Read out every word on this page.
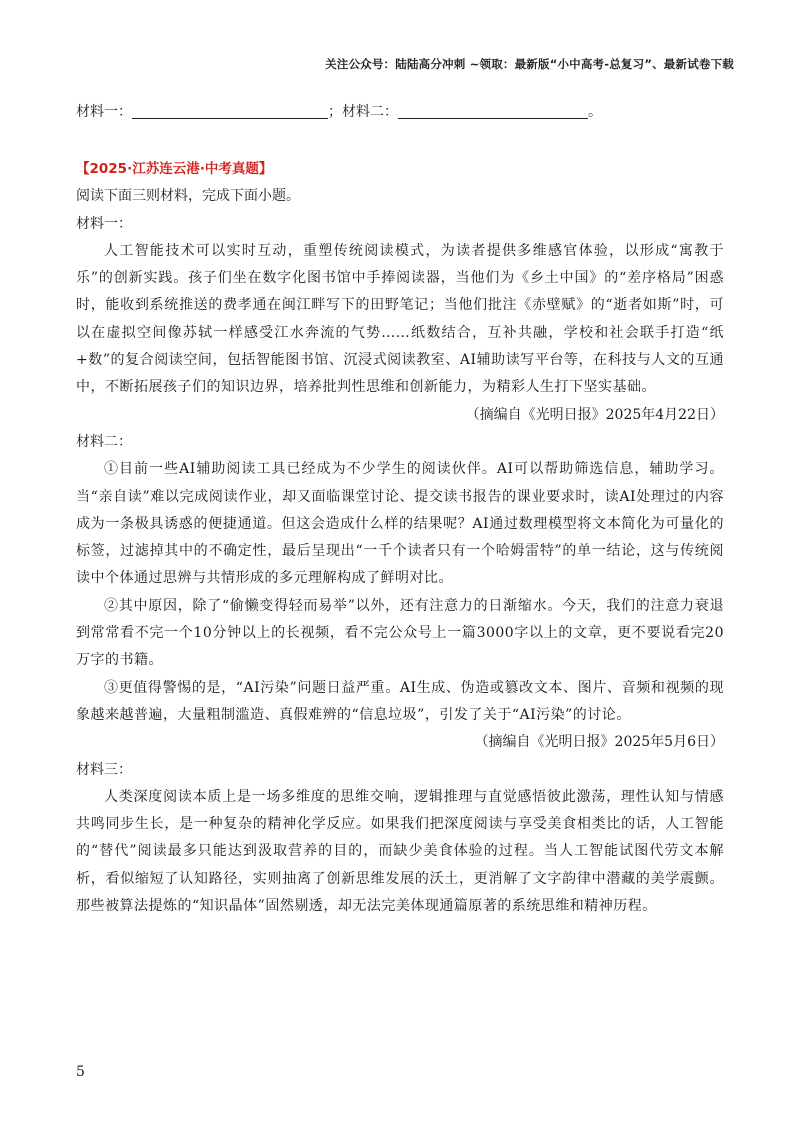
关注公众号：陆陆高分冲刺 ~领取：最新版“小中高考-总复习”、最新试卷下载
材料一：	；材料二：	。

【2025·江苏连云港·中考真题】

阅读下面三则材料，完成下面小题。

材料一：

人工智能技术可以实时互动，重塑传统阅读模式，为读者提供多维感官体验，以形成“寓教于乐”的创新实践。孩子们坐在数字化图书馆中手捧阅读器，当他们为《乡土中国》的“差序格局”困惑时，能收到系统推送的费孝通在闽江畔写下的田野笔记；当他们批注《赤壁赋》的“逝者如斯”时，可以在虚拟空间像苏轼一样感受江水奔流的气势……纸数结合，互补共融，学校和社会联手打造“纸+数”的复合阅读空间，包括智能图书馆、沉浸式阅读教室、AI辅助读写平台等，在科技与人文的互通中，不断拓展孩子们的知识边界，培养批判性思维和创新能力，为精彩人生打下坚实基础。

（摘编自《光明日报》2025年4月22日）

材料二：

①目前一些AI辅助阅读工具已经成为不少学生的阅读伙伴。AI可以帮助筛选信息，辅助学习。当“亲自读”难以完成阅读作业，却又面临课堂讨论、提交读书报告的课业要求时，读AI处理过的内容成为一条极具诱惑的便捷通道。但这会造成什么样的结果呢？AI通过数理模型将文本简化为可量化的标签，过滤掉其中的不确定性，最后呈现出“一千个读者只有一个哈姆雷特”的单一结论，这与传统阅读中个体通过思辨与共情形成的多元理解构成了鲜明对比。

②其中原因，除了“偷懒变得轻而易举”以外，还有注意力的日渐缩水。今天，我们的注意力衰退到常常看不完一个10分钟以上的长视频，看不完公众号上一篇3000字以上的文章，更不要说看完20万字的书籍。

③更值得警惕的是，“AI污染”问题日益严重。AI生成、伪造或篡改文本、图片、音频和视频的现象越来越普遍，大量粗制滥造、真假难辨的“信息垃圾”，引发了关于“AI污染”的讨论。

（摘编自《光明日报》2025年5月6日）

材料三：

人类深度阅读本质上是一场多维度的思维交响，逻辑推理与直觉感悟彼此激荡，理性认知与情感共鸣同步生长，是一种复杂的精神化学反应。如果我们把深度阅读与享受美食相类比的话，人工智能的“替代”阅读最多只能达到汲取营养的目的，而缺少美食体验的过程。当人工智能试图代劳文本解析，看似缩短了认知路径，实则抽离了创新思维发展的沃土，更消解了文字韵律中潜藏的美学震颤。那些被算法提炼的“知识晶体”固然剔透，却无法完美体现通篇原著的系统思维和精神历程。

5
